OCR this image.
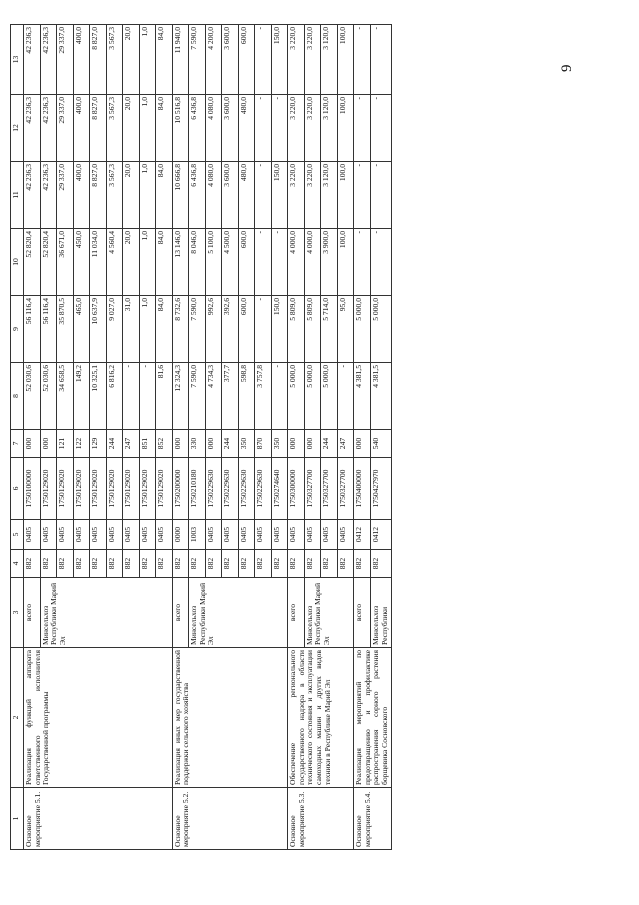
9
1	2	3	4	5	6	7	8	9	10	11	12	13
Основное мероприятие 5.1.	Реализация функций аппарата ответственного исполнителя Государственной программы	всего	882	0405	1750100000	000	52 030,6	56 116,4	52 820,4	42 236,3	42 236,3	42 236,3
		Минсельхоз Республики Марий Эл	882	0405	1750129020	000	52 030,6	56 116,4	52 820,4	42 236,3	42 236,3	42 236,3
			882	0405	1750129020	121	34 658,5	35 870,5	36 671,0	29 337,0	29 337,0	29 337,0
			882	0405	1750129020	122	149,2	465,0	450,0	400,0	400,0	400,0
			882	0405	1750129020	129	10 325,1	10 637,9	11 034,0	8 827,0	8 827,0	8 827,0
			882	0405	1750129020	244	6 816,2	9 027,0	4 560,4	3 567,3	3 567,3	3 567,3
			882	0405	1750129020	247	-	31,0	20,0	20,0	20,0	20,0
			882	0405	1750129020	851	-	1,0	1,0	1,0	1,0	1,0
			882	0405	1750129020	852	81,6	84,0	84,0	84,0	84,0	84,0
Основное мероприятие 5.2.	Реализация иных мер государственной поддержки сельского хозяйства	всего	882	0000	1750200000	000	12 324,3	8 732,6	13 146,0	10 666,8	10 516,8	11 940,0
		Минсельхоз Республики Марий Эл	882	1003	1750210180	330	7 590,0	7 590,0	8 046,0	6 436,8	6 436,8	7 590,0
			882	0405	1750229630	000	4 734,3	992,6	5 100,0	4 080,0	4 080,0	4 200,0
			882	0405	1750229630	244	377,7	392,6	4 500,0	3 600,0	3 600,0	3 600,0
			882	0405	1750229630	350	598,8	600,0	600,0	480,0	480,0	600,0
			882	0405	1750229630	870	3 757,8	-	-	-	-	-
			882	0405	1750274640	350	-	150,0	-	150,0	-	150,0
Основное мероприятие 5.3.	Обеспечение регионального государственного надзора в области технического состояния и эксплуатации самоходных машин и других видов техники в Республике Марий Эл	всего	882	0405	1750300000	000	5 000,0	5 809,0	4 000,0	3 220,0	3 220,0	3 220,0
		Минсельхоз Республики Марий Эл	882	0405	1750327700	000	5 000,0	5 809,0	4 000,0	3 220,0	3 220,0	3 220,0
			882	0405	1750327700	244	5 000,0	5 714,0	3 900,0	3 120,0	3 120,0	3 120,0
			882	0405	1750327700	247	-	95,0	100,0	100,0	100,0	100,0
Основное мероприятие 5.4.	Реализация мероприятий по предотвращению и профилактике распространения сорного растения борщевика Сосновского	всего	882	0412	1750400000	000	4 381,5	5 000,0	-	-	-	-
		Минсельхоз Республики	882	0412	1750427970	540	4 381,5	5 000,0	-	-	-	-
